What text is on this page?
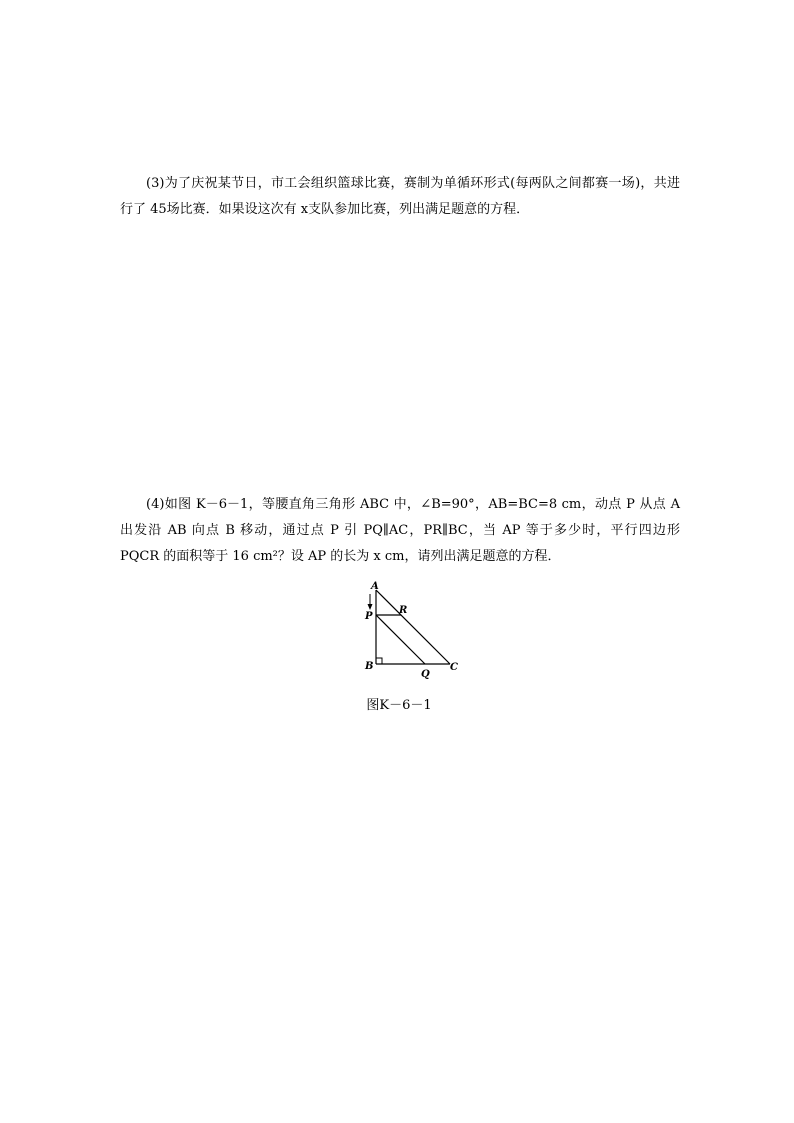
(3)为了庆祝某节日，市工会组织篮球比赛，赛制为单循环形式(每两队之间都赛一场)，共进行了 45场比赛．如果设这次有 x支队参加比赛，列出满足题意的方程．

(4)如图 K－6－1，等腰直角三角形 ABC 中，∠B=90°，AB=BC=8 cm，动点 P 从点 A 出发沿 AB 向点 B 移动，通过点 P 引 PQ∥AC，PR∥BC，当 AP 等于多少时，平行四边形 PQCR 的面积等于 16 cm²？设 AP 的长为 x cm，请列出满足题意的方程．

A
P
R
B
Q
C
图K－6－1
